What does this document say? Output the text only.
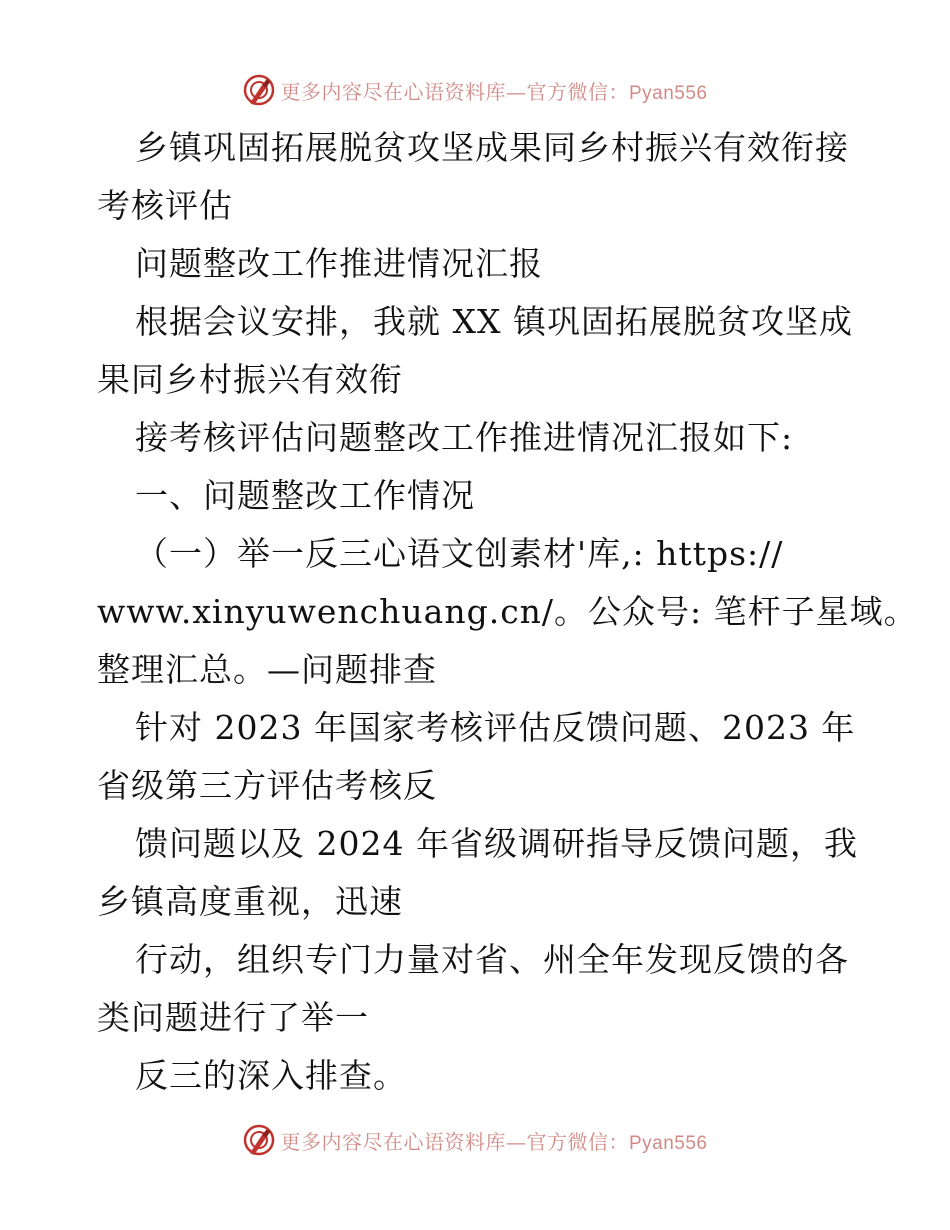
更多内容尽在心语资料库—官方微信：Pyan556
乡镇巩固拓展脱贫攻坚成果同乡村振兴有效衔接
考核评估
问题整改工作推进情况汇报
根据会议安排，我就 XX 镇巩固拓展脱贫攻坚成
果同乡村振兴有效衔
接考核评估问题整改工作推进情况汇报如下:
一、问题整改工作情况
（一）举一反三心语文创素材'库,: https://
www.xinyuwenchuang.cn/。公众号: 笔杆子星域。
整理汇总。—问题排查
针对 2023 年国家考核评估反馈问题、2023 年
省级第三方评估考核反
馈问题以及 2024 年省级调研指导反馈问题，我
乡镇高度重视，迅速
行动，组织专门力量对省、州全年发现反馈的各
类问题进行了举一
反三的深入排查。
更多内容尽在心语资料库—官方微信：Pyan556
